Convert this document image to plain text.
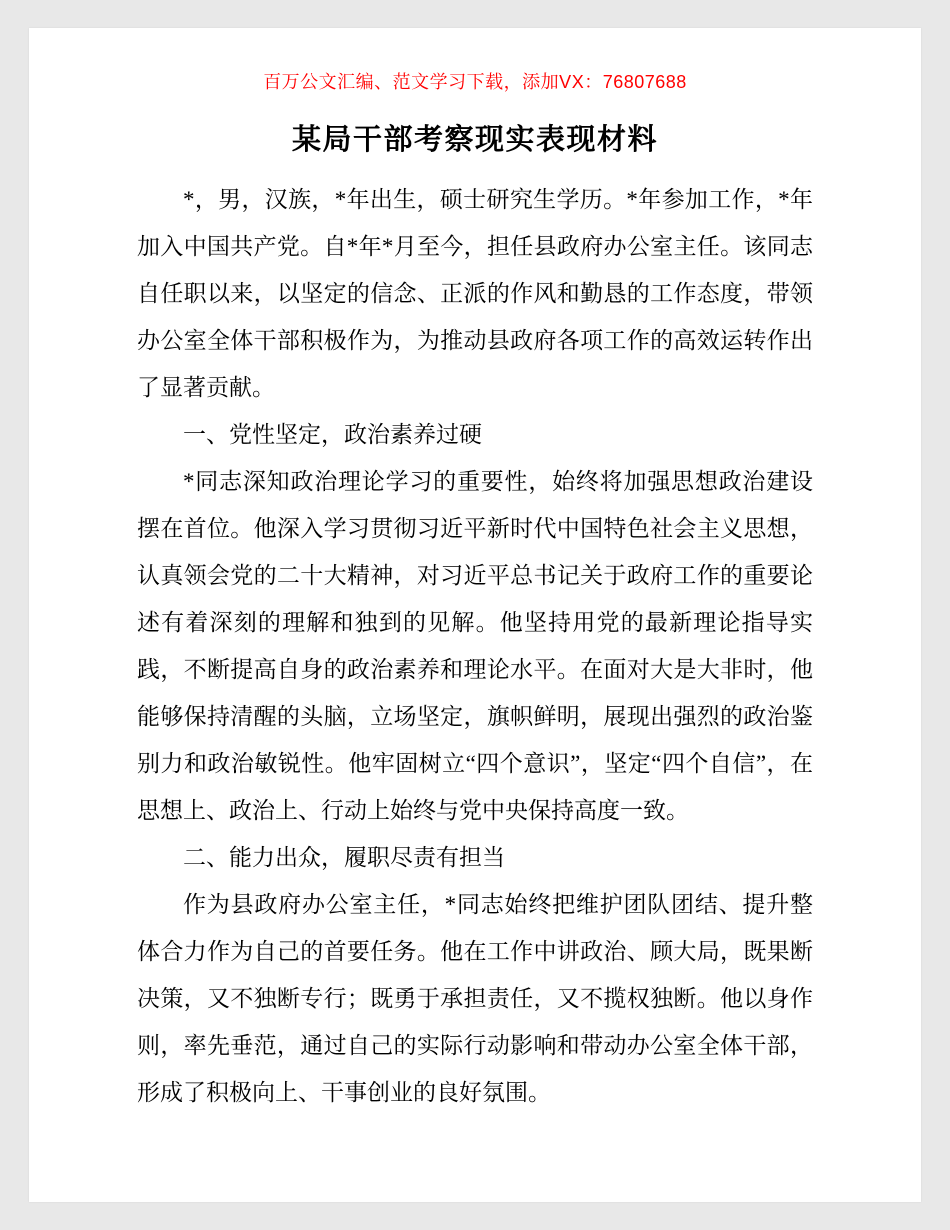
百万公文汇编、范文学习下载，添加VX：76807688
某局干部考察现实表现材料

*，男，汉族，*年出生，硕士研究生学历。*年参加工作，*年加入中国共产党。自*年*月至今，担任县政府办公室主任。该同志自任职以来，以坚定的信念、正派的作风和勤恳的工作态度，带领办公室全体干部积极作为，为推动县政府各项工作的高效运转作出了显著贡献。

一、党性坚定，政治素养过硬

*同志深知政治理论学习的重要性，始终将加强思想政治建设摆在首位。他深入学习贯彻习近平新时代中国特色社会主义思想，认真领会党的二十大精神，对习近平总书记关于政府工作的重要论述有着深刻的理解和独到的见解。他坚持用党的最新理论指导实践，不断提高自身的政治素养和理论水平。在面对大是大非时，他能够保持清醒的头脑，立场坚定，旗帜鲜明，展现出强烈的政治鉴别力和政治敏锐性。他牢固树立“四个意识”，坚定“四个自信”，在思想上、政治上、行动上始终与党中央保持高度一致。

二、能力出众，履职尽责有担当

作为县政府办公室主任，*同志始终把维护团队团结、提升整体合力作为自己的首要任务。他在工作中讲政治、顾大局，既果断决策，又不独断专行；既勇于承担责任，又不揽权独断。他以身作则，率先垂范，通过自己的实际行动影响和带动办公室全体干部，形成了积极向上、干事创业的良好氛围。
